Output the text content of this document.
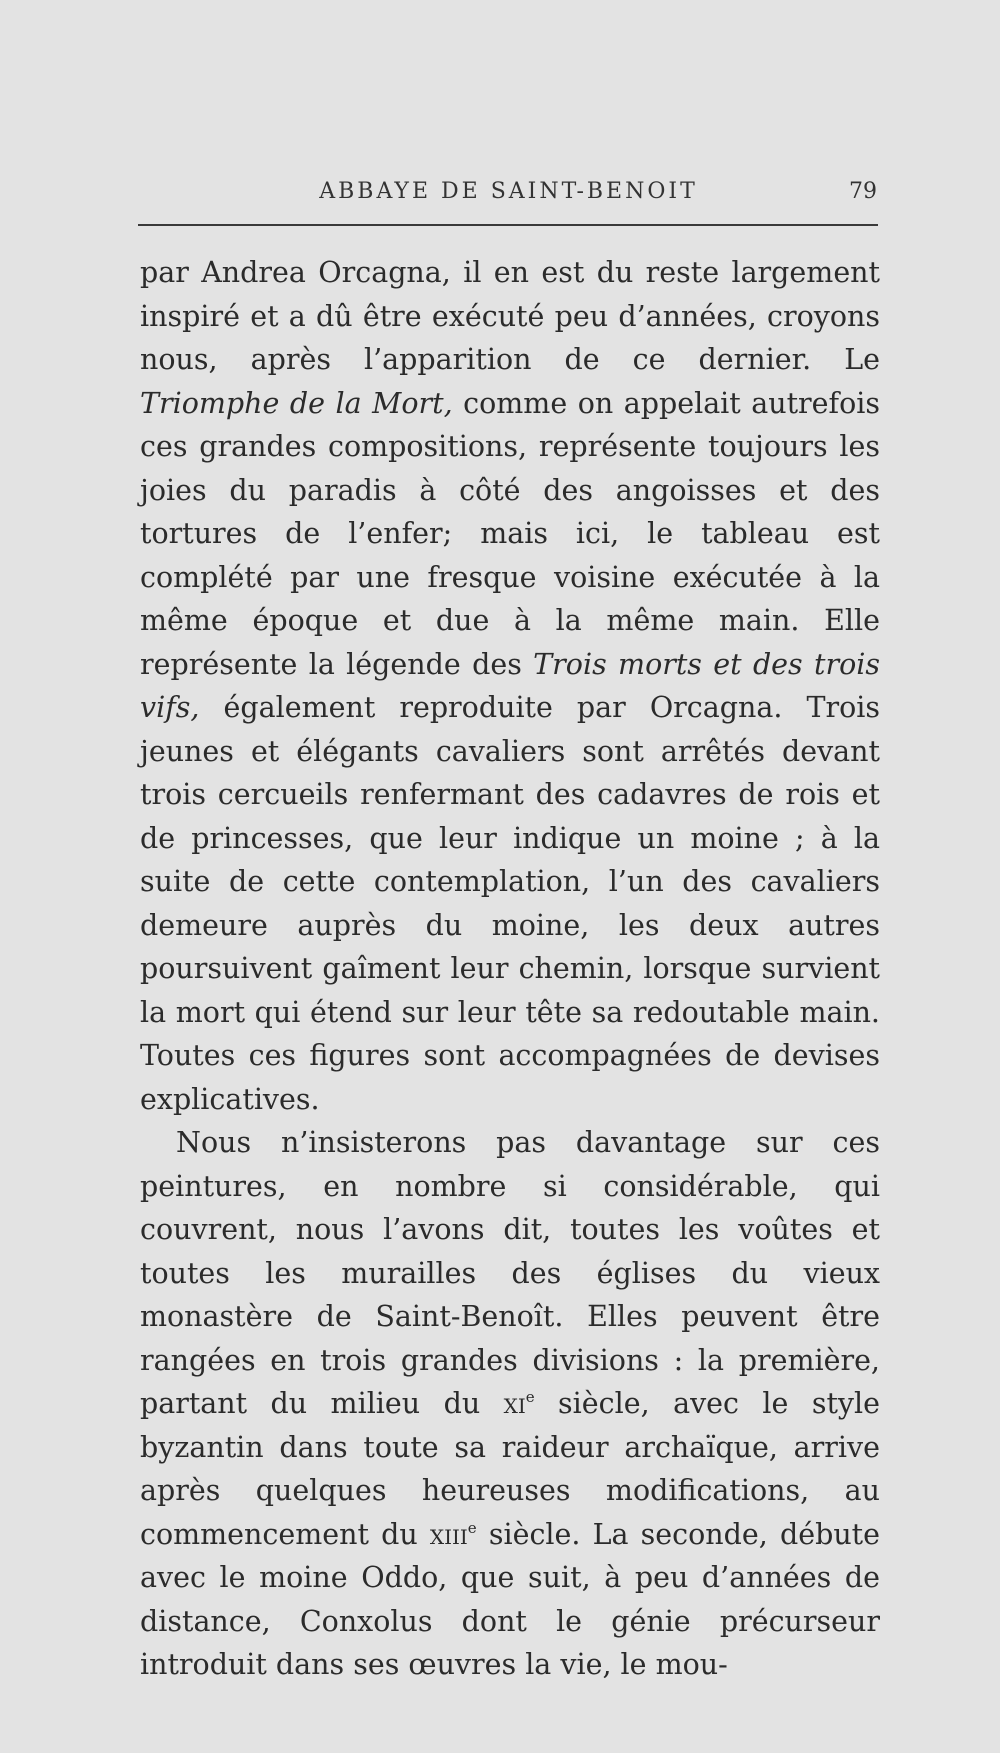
ABBAYE DE SAINT-BENOIT	79

par Andrea Orcagna, il en est du reste largement inspiré et a dû être exécuté peu d’années, croyons nous, après l’apparition de ce dernier. Le Triomphe de la Mort, comme on appelait autrefois ces grandes compositions, représente toujours les joies du paradis à côté des angoisses et des tortures de l’enfer; mais ici, le tableau est complété par une fresque voisine exécutée à la même époque et due à la même main. Elle représente la légende des Trois morts et des trois vifs, également reproduite par Orcagna. Trois jeunes et élégants cavaliers sont arrêtés devant trois cercueils renfermant des cadavres de rois et de princesses, que leur indique un moine ; à la suite de cette contemplation, l’un des cavaliers demeure auprès du moine, les deux autres poursuivent gaîment leur chemin, lorsque survient la mort qui étend sur leur tête sa redoutable main. Toutes ces figures sont accompagnées de devises explicatives.

Nous n’insisterons pas davantage sur ces peintures, en nombre si considérable, qui couvrent, nous l’avons dit, toutes les voûtes et toutes les murailles des églises du vieux monastère de Saint-Benoît. Elles peuvent être rangées en trois grandes divisions : la première, partant du milieu du $xi^e$ siècle, avec le style byzantin dans toute sa raideur archaïque, arrive après quelques heureuses modifications, au commencement du xiii$^e$ siècle. La seconde, débute avec le moine Oddo, que suit, à peu d’années de distance, Conxolus dont le génie précurseur introduit dans ses œuvres la vie, le mou-
